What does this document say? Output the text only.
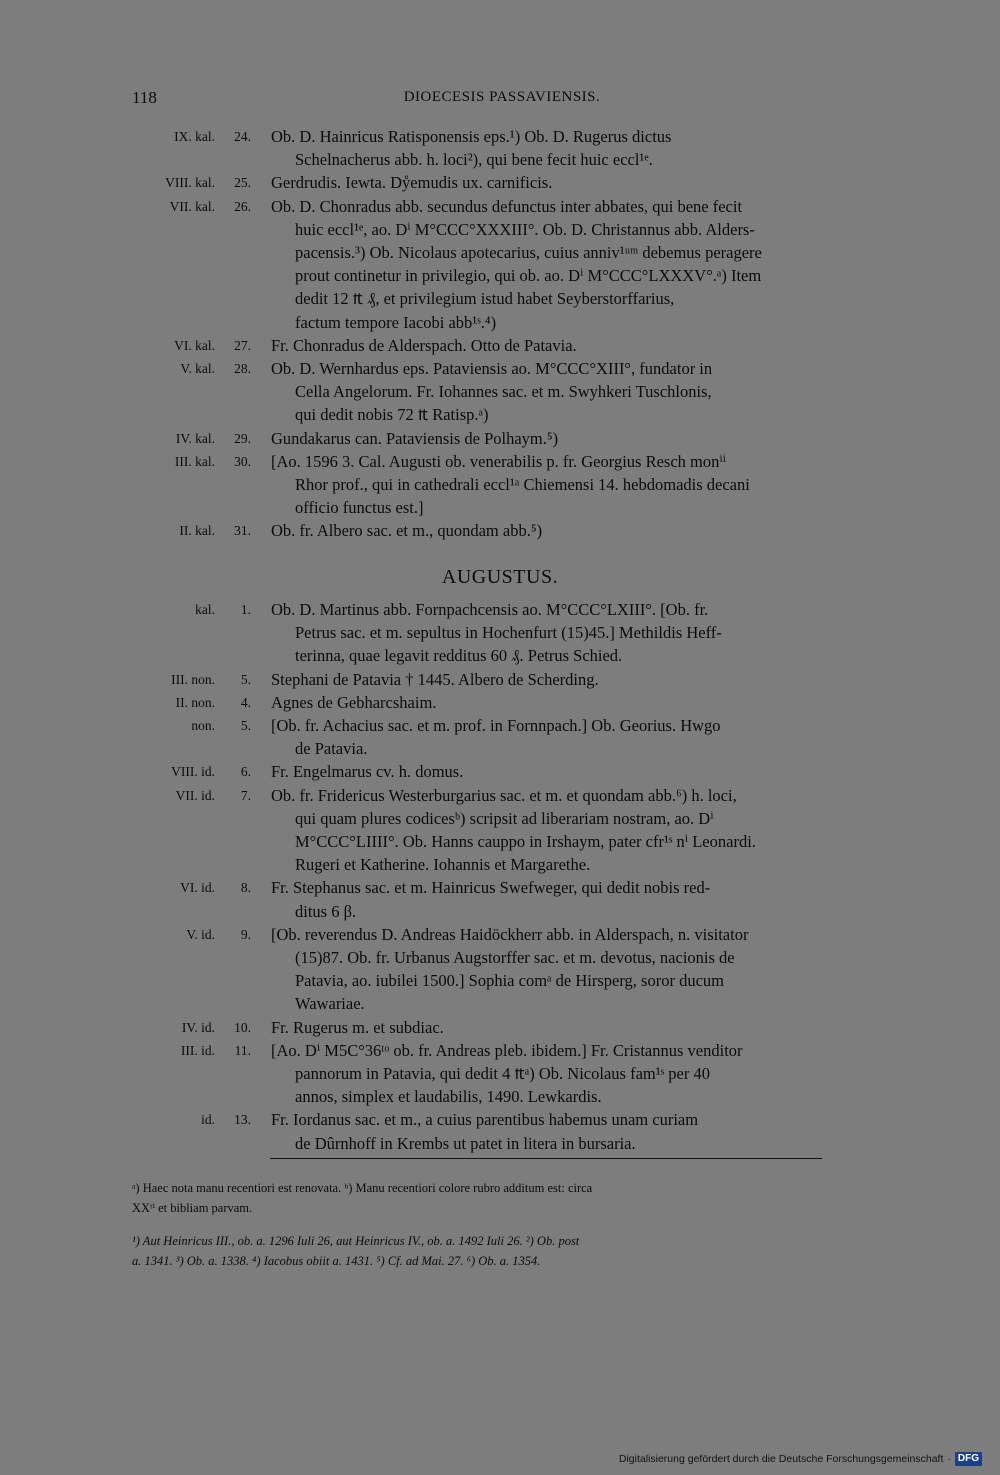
118	DIOECESIS PASSAVIENSIS.
IX. kal. 24. Ob. D. Hainricus Ratisponensis eps.¹) Ob. D. Rugerus dictus
Schelnacherus abb. h. loci²), qui bene fecit huic eccl¹ᵉ.
VIII. kal. 25. Gerdrudis. Iewta. Dẙemudis ux. carnificis.
VII. kal. 26. Ob. D. Chonradus abb. secundus defunctus inter abbates, qui bene fecit
huic eccl¹ᵉ, ao. Dⁱ M°CCC°XXXIII°. Ob. D. Christannus abb. Alders-
pacensis.³) Ob. Nicolaus apotecarius, cuius anniv¹ᵘᵐ debemus peragere
prout continetur in privilegio, qui ob. ao. Dⁱ M°CCC°LXXXV°.ᵃ) Item
dedit 12 ₶ ₰, et privilegium istud habet Seyberstorffarius,
factum tempore Iacobi abb¹ˢ.⁴)
VI. kal. 27. Fr. Chonradus de Alderspach. Otto de Patavia.
V. kal. 28. Ob. D. Wernhardus eps. Pataviensis ao. M°CCC°XIII°, fundator in
Cella Angelorum. Fr. Iohannes sac. et m. Swyhkeri Tuschlonis,
qui dedit nobis 72 ₶ Ratisp.ᵃ)
IV. kal. 29. Gundakarus can. Pataviensis de Polhaym.⁵)
III. kal. 30. [Ao. 1596 3. Cal. Augusti ob. venerabilis p. fr. Georgius Resch monⁱⁱ
Rhor prof., qui in cathedrali eccl¹ᵃ Chiemensi 14. hebdomadis decani
officio functus est.]
II. kal. 31. Ob. fr. Albero sac. et m., quondam abb.⁵)
AUGUSTUS.
kal. 1. Ob. D. Martinus abb. Fornpachcensis ao. M°CCC°LXIII°. [Ob. fr.
Petrus sac. et m. sepultus in Hochenfurt (15)45.] Methildis Heff-
terinna, quae legavit redditus 60 ₰. Petrus Schied.
III. non. 5. Stephani de Patavia † 1445. Albero de Scherding.
II. non. 4. Agnes de Gebharcshaim.
non. 5. [Ob. fr. Achacius sac. et m. prof. in Fornnpach.] Ob. Georius. Hwgo
de Patavia.
VIII. id. 6. Fr. Engelmarus cv. h. domus.
VII. id. 7. Ob. fr. Fridericus Westerburgarius sac. et m. et quondam abb.⁶) h. loci,
qui quam plures codicesᵇ) scripsit ad liberariam nostram, ao. Dⁱ
M°CCC°LIIII°. Ob. Hanns cauppo in Irshaym, pater cfr¹ˢ nⁱ Leonardi.
Rugeri et Katherine. Iohannis et Margarethe.
VI. id. 8. Fr. Stephanus sac. et m. Hainricus Swefweger, qui dedit nobis red-
ditus 6 β.
V. id. 9. [Ob. reverendus D. Andreas Haidöckherr abb. in Alderspach, n. visitator
(15)87. Ob. fr. Urbanus Augstorffer sac. et m. devotus, nacionis de
Patavia, ao. iubilei 1500.] Sophia comᵃ de Hirsperg, soror ducum
Wawariae.
IV. id. 10. Fr. Rugerus m. et subdiac.
III. id. 11. [Ao. Dⁱ M5C°36ᵗᵒ ob. fr. Andreas pleb. ibidem.] Fr. Cristannus venditor
pannorum in Patavia, qui dedit 4 ₶ᵃ) Ob. Nicolaus fam¹ˢ per 40
annos, simplex et laudabilis, 1490. Lewkardis.
id. 13. Fr. Iordanus sac. et m., a cuius parentibus habemus unam curiam
de Dûrnhoff in Krembs ut patet in litera in bursaria.
ᵃ) Haec nota manu recentiori est renovata. ᵇ) Manu recentiori colore rubro additum est: circa
XXᵗⁱ et bibliam parvam.
¹) Aut Heinricus III., ob. a. 1296 Iuli 26, aut Heinricus IV., ob. a. 1492 Iuli 26. ²) Ob. post
a. 1341. ³) Ob. a. 1338. ⁴) Iacobus obiit a. 1431. ⁵) Cf. ad Mai. 27. ⁶) Ob. a. 1354.
Digitalisierung gefördert durch die Deutsche Forschungsgemeinschaft · DFG
